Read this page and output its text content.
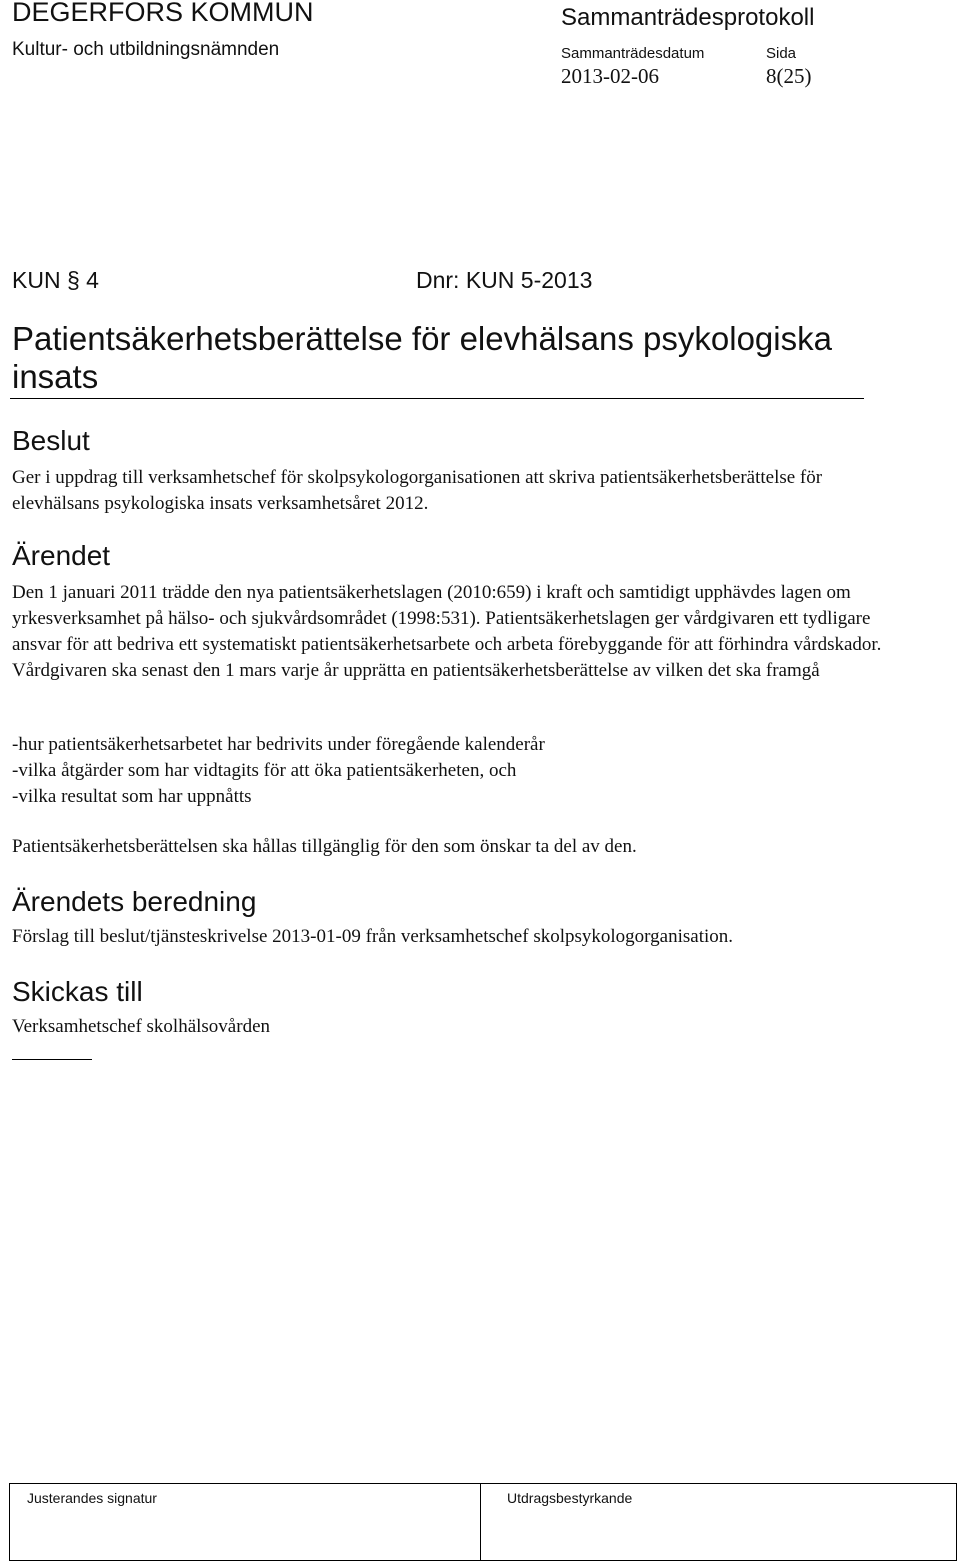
DEGERFORS KOMMUN
Kultur- och utbildningsnämnden
Sammanträdesprotokoll
Sammanträdesdatum	Sida
2013-02-06	8(25)
KUN § 4	Dnr: KUN 5-2013
Patientsäkerhetsberättelse för elevhälsans psykologiska insats
Beslut
Ger i uppdrag till verksamhetschef för skolpsykologorganisationen att skriva patientsäkerhetsberättelse för elevhälsans psykologiska insats verksamhetsåret 2012.
Ärendet
Den 1 januari 2011 trädde den nya patientsäkerhetslagen (2010:659) i kraft och samtidigt upphävdes lagen om yrkesverksamhet på hälso- och sjukvårdsområdet (1998:531). Patientsäkerhetslagen ger vårdgivaren ett tydligare ansvar för att bedriva ett systematiskt patientsäkerhetsarbete och arbeta förebyggande för att förhindra vårdskador. Vårdgivaren ska senast den 1 mars varje år upprätta en patientsäkerhetsberättelse av vilken det ska framgå
-hur patientsäkerhetsarbetet har bedrivits under föregående kalenderår
-vilka åtgärder som har vidtagits för att öka patientsäkerheten, och
-vilka resultat som har uppnåtts
Patientsäkerhetsberättelsen ska hållas tillgänglig för den som önskar ta del av den.
Ärendets beredning
Förslag till beslut/tjänsteskrivelse 2013-01-09 från verksamhetschef skolpsykologorganisation.
Skickas till
Verksamhetschef skolhälsovården
Justerandes signatur	Utdragsbestyrkande
